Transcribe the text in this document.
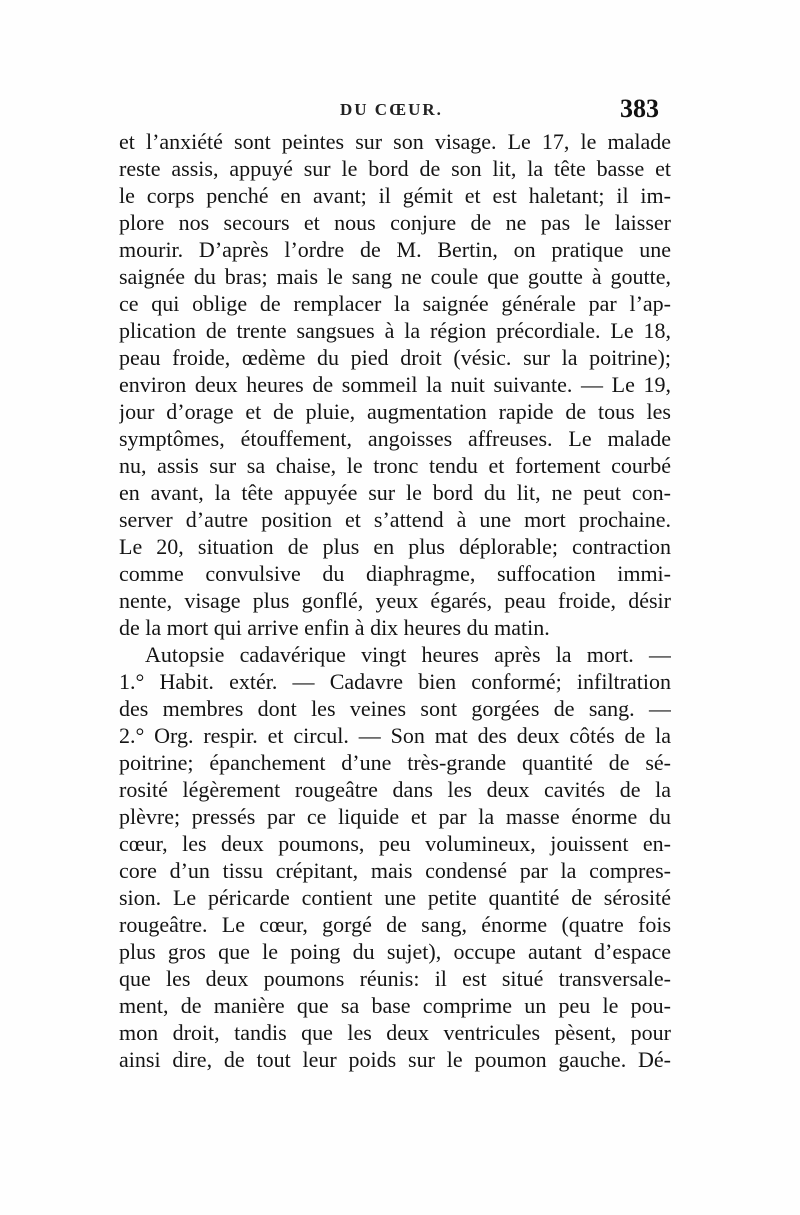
DU CŒUR.	383
et l’anxiété sont peintes sur son visage. Le 17, le malade
reste assis, appuyé sur le bord de son lit, la tête basse et
le corps penché en avant; il gémit et est haletant; il im-
plore nos secours et nous conjure de ne pas le laisser
mourir. D’après l’ordre de M. Bertin, on pratique une
saignée du bras; mais le sang ne coule que goutte à goutte,
ce qui oblige de remplacer la saignée générale par l’ap-
plication de trente sangsues à la région précordiale. Le 18,
peau froide, œdème du pied droit (vésic. sur la poitrine);
environ deux heures de sommeil la nuit suivante. — Le 19,
jour d’orage et de pluie, augmentation rapide de tous les
symptômes, étouffement, angoisses affreuses. Le malade
nu, assis sur sa chaise, le tronc tendu et fortement courbé
en avant, la tête appuyée sur le bord du lit, ne peut con-
server d’autre position et s’attend à une mort prochaine.
Le 20, situation de plus en plus déplorable; contraction
comme convulsive du diaphragme, suffocation immi-
nente, visage plus gonflé, yeux égarés, peau froide, désir
de la mort qui arrive enfin à dix heures du matin.
Autopsie cadavérique vingt heures après la mort. —
1.° Habit. extér. — Cadavre bien conformé; infiltration
des membres dont les veines sont gorgées de sang. —
2.° Org. respir. et circul. — Son mat des deux côtés de la
poitrine; épanchement d’une très-grande quantité de sé-
rosité légèrement rougeâtre dans les deux cavités de la
plèvre; pressés par ce liquide et par la masse énorme du
cœur, les deux poumons, peu volumineux, jouissent en-
core d’un tissu crépitant, mais condensé par la compres-
sion. Le péricarde contient une petite quantité de sérosité
rougeâtre. Le cœur, gorgé de sang, énorme (quatre fois
plus gros que le poing du sujet), occupe autant d’espace
que les deux poumons réunis: il est situé transversale-
ment, de manière que sa base comprime un peu le pou-
mon droit, tandis que les deux ventricules pèsent, pour
ainsi dire, de tout leur poids sur le poumon gauche. Dé-
